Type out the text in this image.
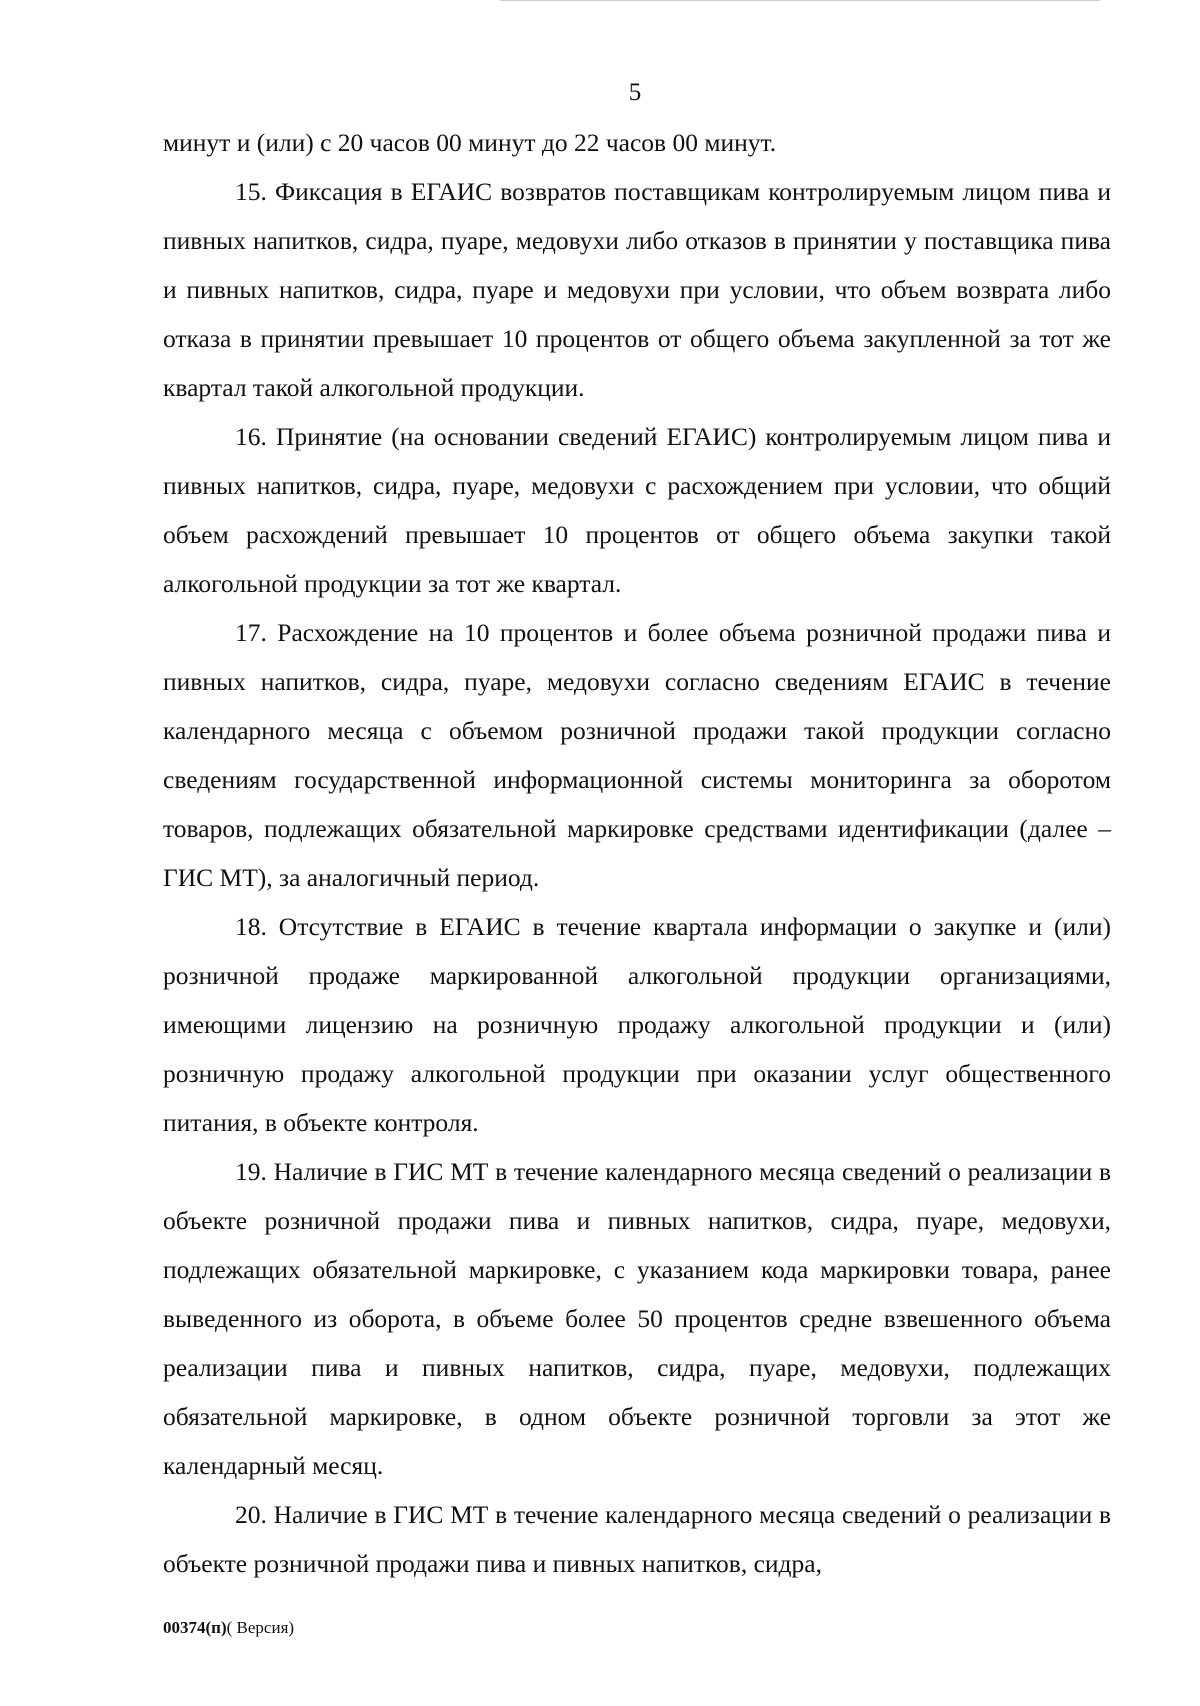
5

минут и (или) с 20 часов 00 минут до 22 часов 00 минут.

15. Фиксация в ЕГАИС возвратов поставщикам контролируемым лицом пива и пивных напитков, сидра, пуаре, медовухи либо отказов в принятии у поставщика пива и пивных напитков, сидра, пуаре и медовухи при условии, что объем возврата либо отказа в принятии превышает 10 процентов от общего объема закупленной за тот же квартал такой алкогольной продукции.

16. Принятие (на основании сведений ЕГАИС) контролируемым лицом пива и пивных напитков, сидра, пуаре, медовухи с расхождением при условии, что общий объем расхождений превышает 10 процентов от общего объема закупки такой алкогольной продукции за тот же квартал.

17. Расхождение на 10 процентов и более объема розничной продажи пива и пивных напитков, сидра, пуаре, медовухи согласно сведениям ЕГАИС в течение календарного месяца с объемом розничной продажи такой продукции согласно сведениям государственной информационной системы мониторинга за оборотом товаров, подлежащих обязательной маркировке средствами идентификации (далее – ГИС МТ), за аналогичный период.

18. Отсутствие в ЕГАИС в течение квартала информации о закупке и (или) розничной продаже маркированной алкогольной продукции организациями, имеющими лицензию на розничную продажу алкогольной продукции и (или) розничную продажу алкогольной продукции при оказании услуг общественного питания, в объекте контроля.

19. Наличие в ГИС МТ в течение календарного месяца сведений о реализации в объекте розничной продажи пива и пивных напитков, сидра, пуаре, медовухи, подлежащих обязательной маркировке, с указанием кода маркировки товара, ранее выведенного из оборота, в объеме более 50 процентов средне взвешенного объема реализации пива и пивных напитков, сидра, пуаре, медовухи, подлежащих обязательной маркировке, в одном объекте розничной торговли за этот же календарный месяц.

20. Наличие в ГИС МТ в течение календарного месяца сведений о реализации в объекте розничной продажи пива и пивных напитков, сидра,

00374(п)( Версия)
